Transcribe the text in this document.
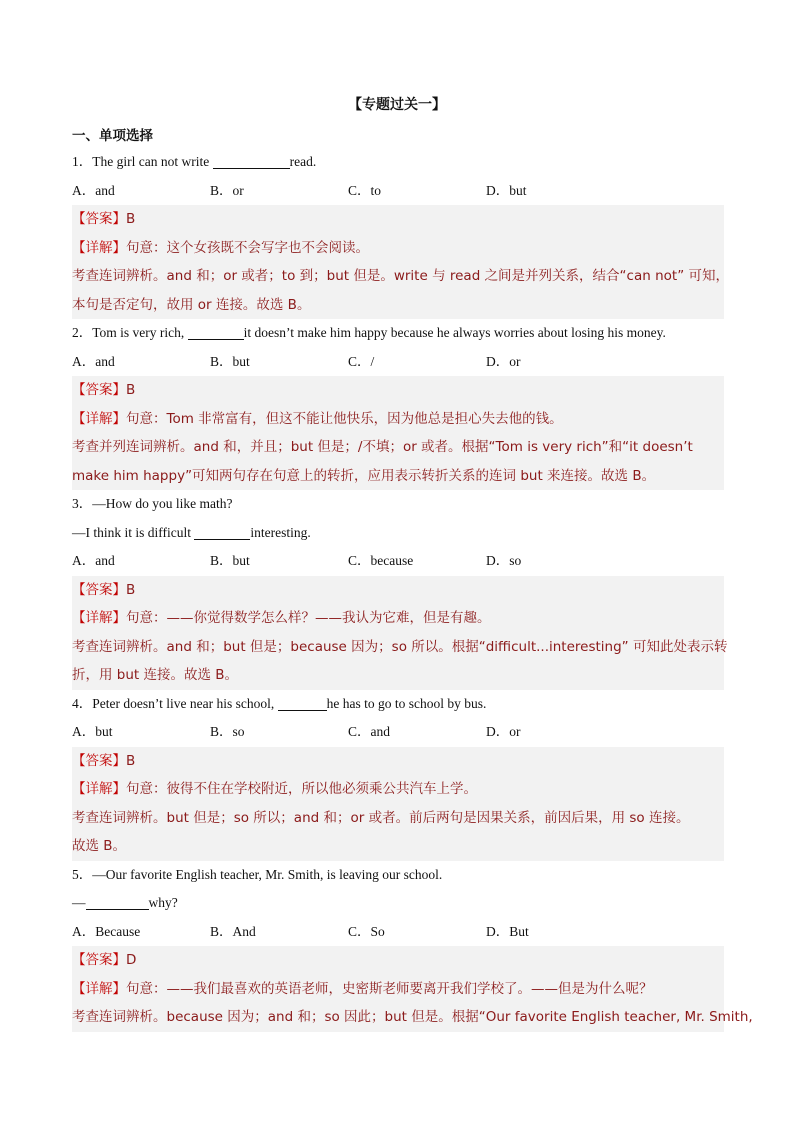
【专题过关一】
一、单项选择
1．The girl can not write	read.
A．and	B．or	C．to	D．but
【答案】B
【详解】句意：这个女孩既不会写字也不会阅读。
考查连词辨析。and 和；or 或者；to 到；but 但是。write 与 read 之间是并列关系，结合“can not” 可知，
本句是否定句，故用 or 连接。故选 B。
2．Tom is very rich,	it doesn’t make him happy because he always worries about losing his money.
A．and	B．but	C．/	D．or
【答案】B
【详解】句意：Tom 非常富有，但这不能让他快乐，因为他总是担心失去他的钱。
考查并列连词辨析。and 和，并且；but 但是；/不填；or 或者。根据“Tom is very rich”和“it doesn’t
make him happy”可知两句存在句意上的转折，应用表示转折关系的连词 but 来连接。故选 B。
3．—How do you like math?
—I think it is difficult	interesting.
A．and	B．but	C．because	D．so
【答案】B
【详解】句意：——你觉得数学怎么样？——我认为它难，但是有趣。
考查连词辨析。and 和；but 但是；because 因为；so 所以。根据“difficult...interesting” 可知此处表示转
折，用 but 连接。故选 B。
4．Peter doesn’t live near his school,	he has to go to school by bus.
A．but	B．so	C．and	D．or
【答案】B
【详解】句意：彼得不住在学校附近，所以他必须乘公共汽车上学。
考查连词辨析。but 但是；so 所以；and 和；or 或者。前后两句是因果关系，前因后果，用 so 连接。
故选 B。
5．—Our favorite English teacher, Mr. Smith, is leaving our school.
—	why?
A．Because	B．And	C．So	D．But
【答案】D
【详解】句意：——我们最喜欢的英语老师，史密斯老师要离开我们学校了。——但是为什么呢？
考查连词辨析。because 因为；and 和；so 因此；but 但是。根据“Our favorite English teacher, Mr. Smith,
